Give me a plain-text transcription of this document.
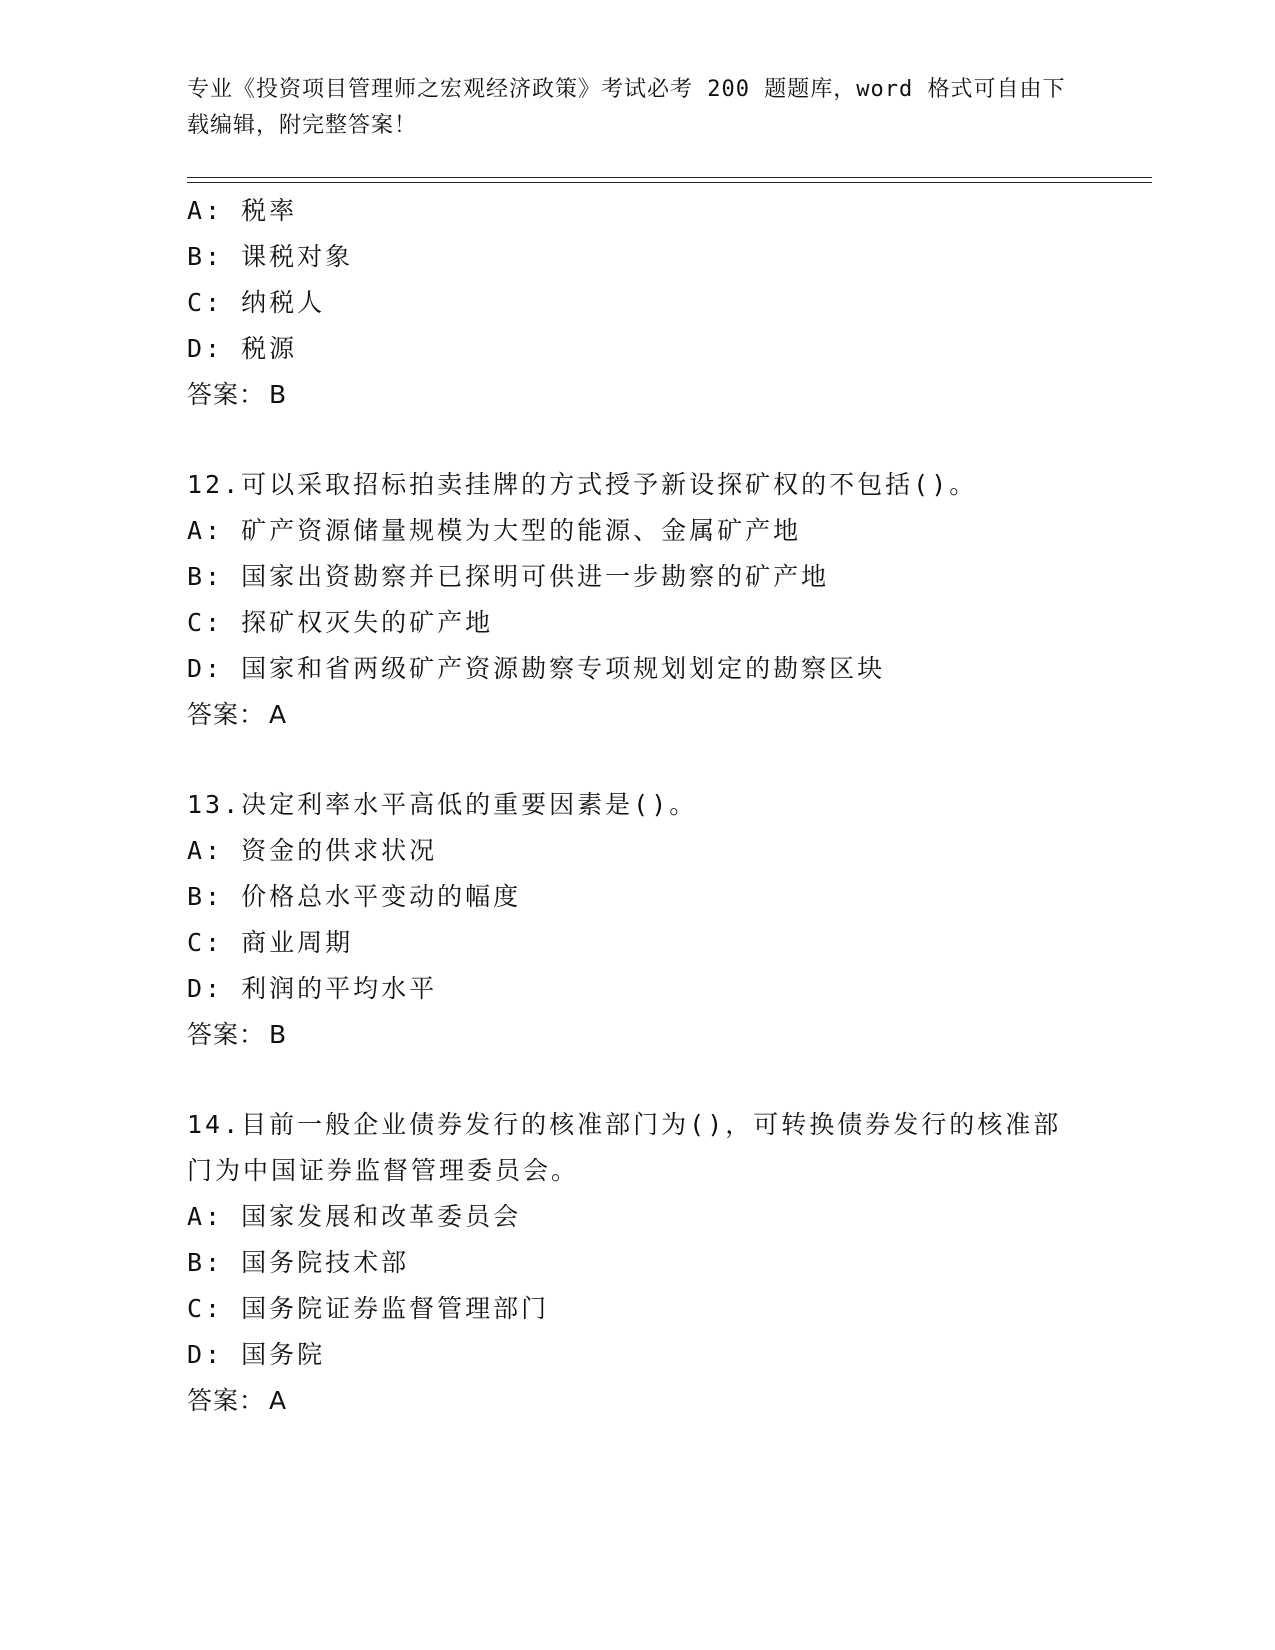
专业《投资项目管理师之宏观经济政策》考试必考 200 题题库，word 格式可自由下载编辑，附完整答案！
A: 税率
B: 课税对象
C: 纳税人
D: 税源
答案： B
12.可以采取招标拍卖挂牌的方式授予新设探矿权的不包括()。
A: 矿产资源储量规模为大型的能源、金属矿产地
B: 国家出资勘察并已探明可供进一步勘察的矿产地
C: 探矿权灭失的矿产地
D: 国家和省两级矿产资源勘察专项规划划定的勘察区块
答案： A
13.决定利率水平高低的重要因素是()。
A: 资金的供求状况
B: 价格总水平变动的幅度
C: 商业周期
D: 利润的平均水平
答案： B
14.目前一般企业债券发行的核准部门为()，可转换债券发行的核准部门为中国证券监督管理委员会。
A: 国家发展和改革委员会
B: 国务院技术部
C: 国务院证券监督管理部门
D: 国务院
答案： A
